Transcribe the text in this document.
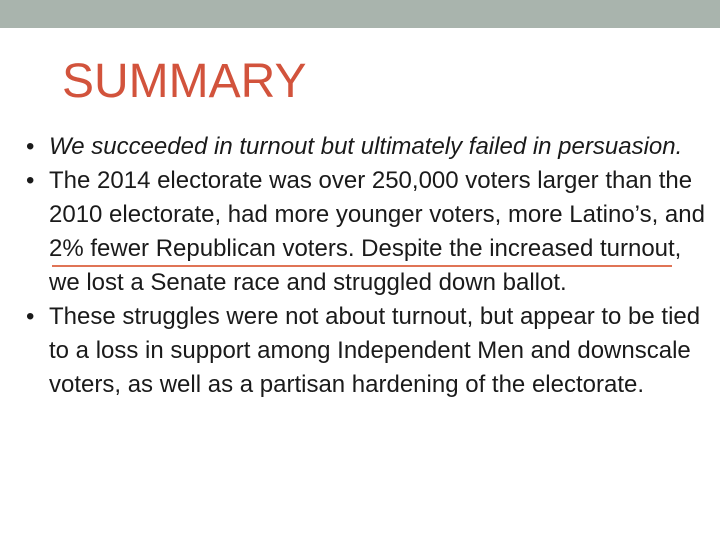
SUMMARY
• We succeeded in turnout but ultimately failed in persuasion.
• The 2014 electorate was over 250,000 voters larger than the 2010 electorate, had more younger voters, more Latino’s, and 2% fewer Republican voters. Despite the increased turnout, we lost a Senate race and struggled down ballot.
• These struggles were not about turnout, but appear to be tied to a loss in support among Independent Men and downscale voters, as well as a partisan hardening of the electorate.
